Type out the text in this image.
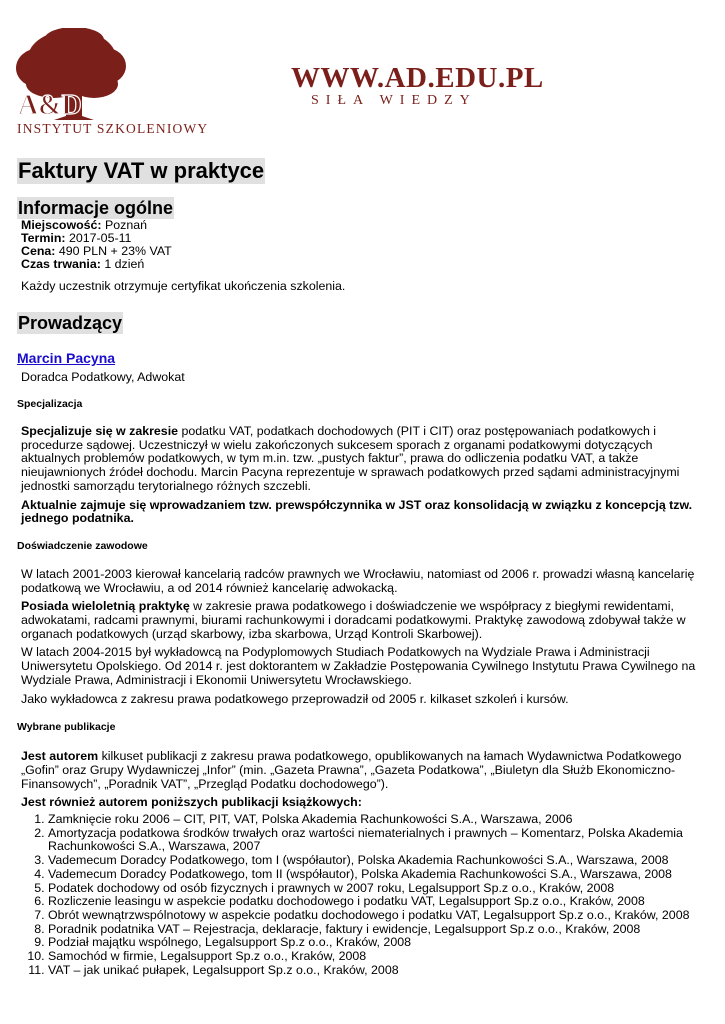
A&D
INSTYTUT SZKOLENIOWY
WWW.AD.EDU.PL
SIŁA WIEDZY
Faktury VAT w praktyce
Informacje ogólne
Miejscowość: Poznań
Termin: 2017-05-11
Cena: 490 PLN + 23% VAT
Czas trwania: 1 dzień
Każdy uczestnik otrzymuje certyfikat ukończenia szkolenia.
Prowadzący
Marcin Pacyna
Doradca Podatkowy, Adwokat
Specjalizacja

Specjalizuje się w zakresie podatku VAT, podatkach dochodowych (PIT i CIT) oraz postępowaniach podatkowych i procedurze sądowej. Uczestniczył w wielu zakończonych sukcesem sporach z organami podatkowymi dotyczących aktualnych problemów podatkowych, w tym m.in. tzw. „pustych faktur”, prawa do odliczenia podatku VAT, a także nieujawnionych źródeł dochodu. Marcin Pacyna reprezentuje w sprawach podatkowych przed sądami administracyjnymi jednostki samorządu terytorialnego różnych szczebli.

Aktualnie zajmuje się wprowadzaniem tzw. prewspółczynnika w JST oraz konsolidacją w związku z koncepcją tzw. jednego podatnika.

Doświadczenie zawodowe

W latach 2001-2003 kierował kancelarią radców prawnych we Wrocławiu, natomiast od 2006 r. prowadzi własną kancelarię podatkową we Wrocławiu, a od 2014 również kancelarię adwokacką.

Posiada wieloletnią praktykę w zakresie prawa podatkowego i doświadczenie we współpracy z biegłymi rewidentami, adwokatami, radcami prawnymi, biurami rachunkowymi i doradcami podatkowymi. Praktykę zawodową zdobywał także w organach podatkowych (urząd skarbowy, izba skarbowa, Urząd Kontroli Skarbowej).

W latach 2004-2015 był wykładowcą na Podyplomowych Studiach Podatkowych na Wydziale Prawa i Administracji Uniwersytetu Opolskiego. Od 2014 r. jest doktorantem w Zakładzie Postępowania Cywilnego Instytutu Prawa Cywilnego na Wydziale Prawa, Administracji i Ekonomii Uniwersytetu Wrocławskiego.

Jako wykładowca z zakresu prawa podatkowego przeprowadził od 2005 r. kilkaset szkoleń i kursów.

Wybrane publikacje

Jest autorem kilkuset publikacji z zakresu prawa podatkowego, opublikowanych na łamach Wydawnictwa Podatkowego „Gofin” oraz Grupy Wydawniczej „Infor” (min. „Gazeta Prawna”, „Gazeta Podatkowa”, „Biuletyn dla Służb Ekonomiczno-Finansowych”, „Poradnik VAT”, „Przegląd Podatku dochodowego”).

Jest również autorem poniższych publikacji książkowych:

1. Zamknięcie roku 2006 – CIT, PIT, VAT, Polska Akademia Rachunkowości S.A., Warszawa, 2006
2. Amortyzacja podatkowa środków trwałych oraz wartości niematerialnych i prawnych – Komentarz, Polska Akademia Rachunkowości S.A., Warszawa, 2007
3. Vademecum Doradcy Podatkowego, tom I (współautor), Polska Akademia Rachunkowości S.A., Warszawa, 2008
4. Vademecum Doradcy Podatkowego, tom II (współautor), Polska Akademia Rachunkowości S.A., Warszawa, 2008
5. Podatek dochodowy od osób fizycznych i prawnych w 2007 roku, Legalsupport Sp.z o.o., Kraków, 2008
6. Rozliczenie leasingu w aspekcie podatku dochodowego i podatku VAT, Legalsupport Sp.z o.o., Kraków, 2008
7. Obrót wewnątrzwspólnotowy w aspekcie podatku dochodowego i podatku VAT, Legalsupport Sp.z o.o., Kraków, 2008
8. Poradnik podatnika VAT – Rejestracja, deklaracje, faktury i ewidencje, Legalsupport Sp.z o.o., Kraków, 2008
9. Podział majątku wspólnego, Legalsupport Sp.z o.o., Kraków, 2008
10. Samochód w firmie, Legalsupport Sp.z o.o., Kraków, 2008
11. VAT – jak unikać pułapek, Legalsupport Sp.z o.o., Kraków, 2008
